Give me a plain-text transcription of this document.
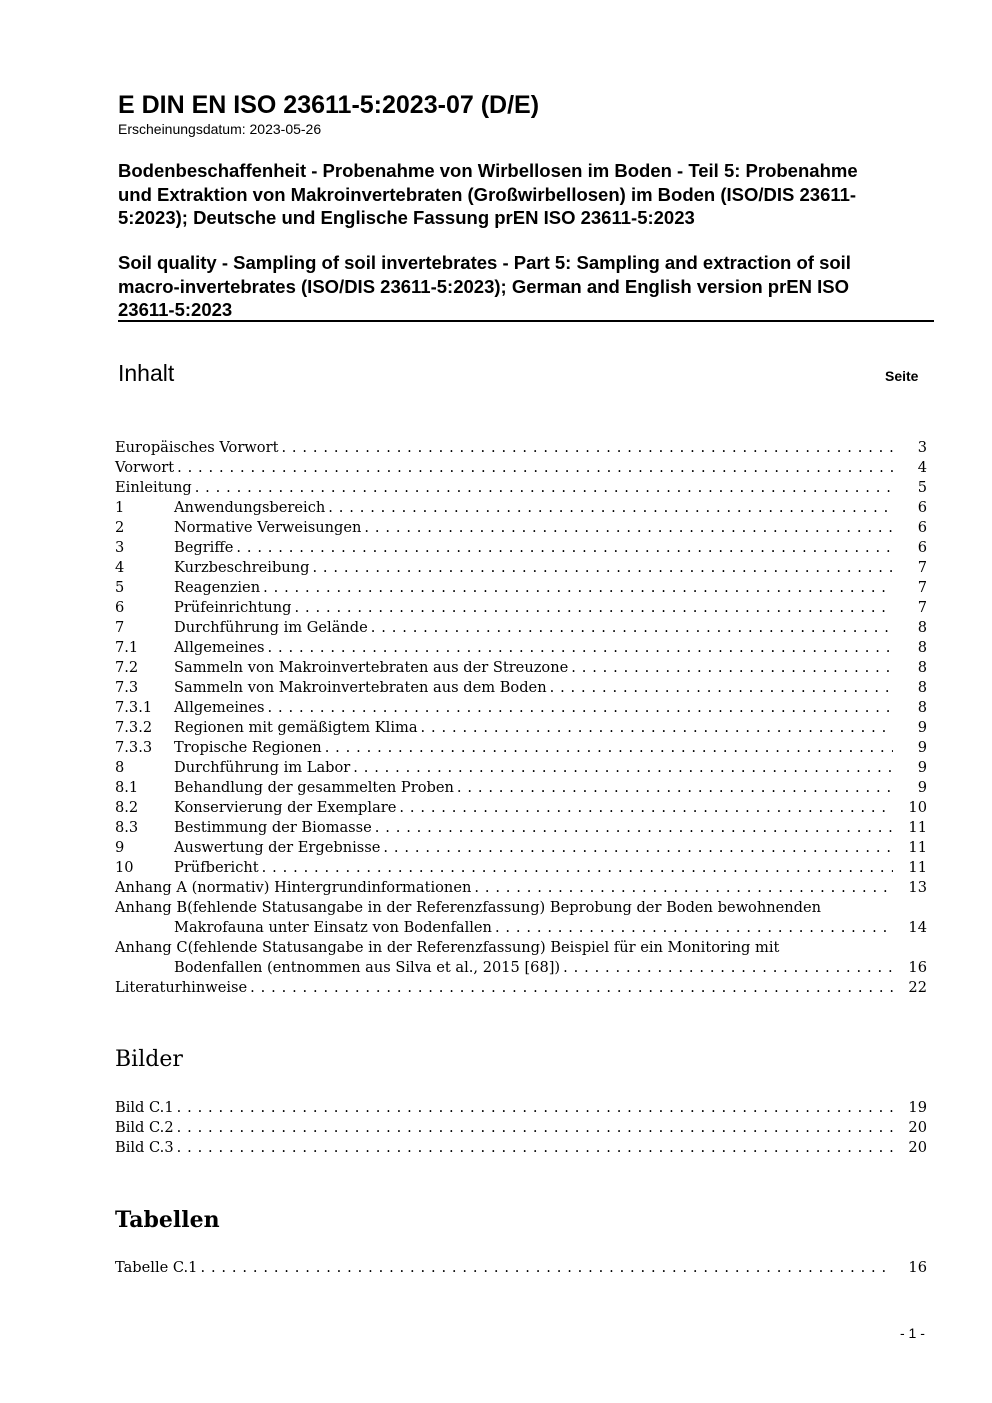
E DIN EN ISO 23611-5:2023-07 (D/E)

Erscheinungsdatum: 2023-05-26

Bodenbeschaffenheit - Probenahme von Wirbellosen im Boden - Teil 5: Probenahme
und Extraktion von Makroinvertebraten (Großwirbellosen) im Boden (ISO/DIS 23611-
5:2023); Deutsche und Englische Fassung prEN ISO 23611-5:2023
Soil quality - Sampling of soil invertebrates - Part 5: Sampling and extraction of soil
macro-invertebrates (ISO/DIS 23611-5:2023); German and English version prEN ISO
23611-5:2023
Inhalt	Seite
Europäisches Vorwort . . .	3
Vorwort . . .	4
Einleitung . . .	5
1	Anwendungsbereich . . .	6
2	Normative Verweisungen . . .	6
3	Begriffe . . .	6
4	Kurzbeschreibung . . .	7
5	Reagenzien . . .	7
6	Prüfeinrichtung . . .	7
7	Durchführung im Gelände . . .	8
7.1	Allgemeines . . .	8
7.2	Sammeln von Makroinvertebraten aus der Streuzone . . .	8
7.3	Sammeln von Makroinvertebraten aus dem Boden . . .	8
7.3.1	Allgemeines . . .	8
7.3.2	Regionen mit gemäßigtem Klima . . .	9
7.3.3	Tropische Regionen . . .	9
8	Durchführung im Labor . . .	9
8.1	Behandlung der gesammelten Proben . . .	9
8.2	Konservierung der Exemplare . . .	10
8.3	Bestimmung der Biomasse . . .	11
9	Auswertung der Ergebnisse . . .	11
10	Prüfbericht . . .	11
Anhang A (normativ) Hintergrundinformationen . . .	13
Anhang B(fehlende Statusangabe in der Referenzfassung) Beprobung der Boden bewohnenden
Makrofauna unter Einsatz von Bodenfallen . . .	14
Anhang C(fehlende Statusangabe in der Referenzfassung) Beispiel für ein Monitoring mit
Bodenfallen (entnommen aus Silva et al., 2015 [68]) . . .	16
Literaturhinweise . . .	22
Bilder
Bild C.1 . . .	19
Bild C.2 . . .	20
Bild C.3 . . .	20
Tabellen
Tabelle C.1 . . .	16
- 1 -
